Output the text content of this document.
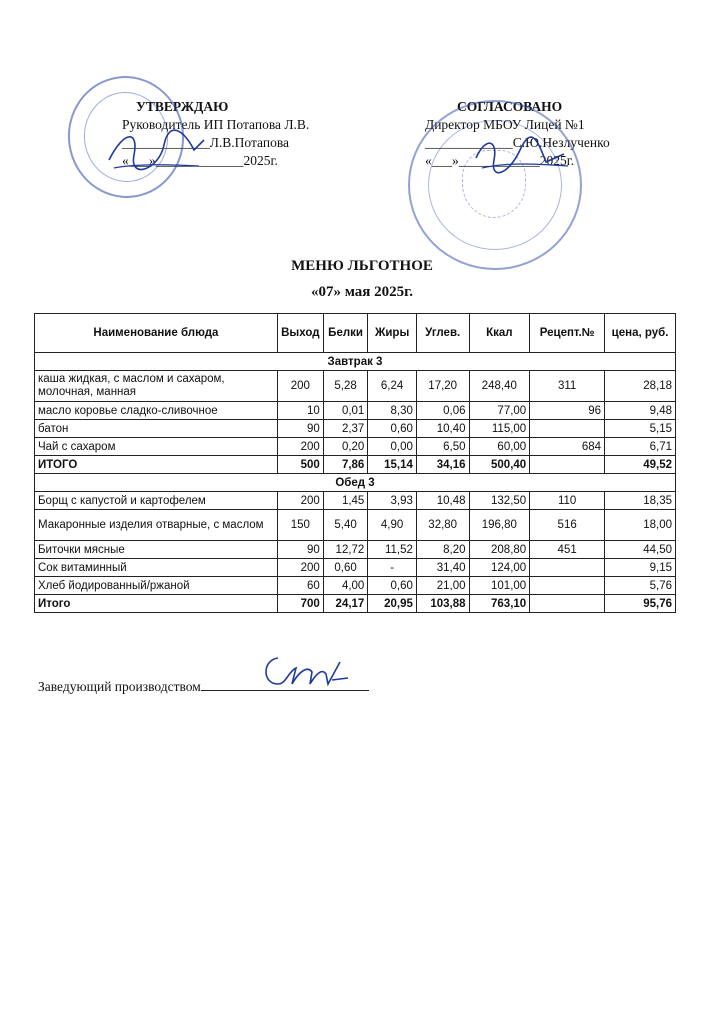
УТВЕРЖДАЮ
Руководитель ИП Потапова Л.В.
_____________Л.В.Потапова
«___»_____________2025г.
СОГЛАСОВАНО
Директор МБОУ Лицей №1
_____________С.Ю.Незлученко
«___»____________2025г.
МЕНЮ ЛЬГОТНОЕ
«07» мая 2025г.
Наименование блюда	Выход	Белки	Жиры	Углев.	Ккал	Рецепт.№	цена, руб.
Завтрак 3							
каша жидкая, с маслом и сахаром, молочная, манная	200	5,28	6,24	17,20	248,40	311	28,18
масло коровье сладко-сливочное	10	0,01	8,30	0,06	77,00	96	9,48
батон	90	2,37	0,60	10,40	115,00		5,15
Чай с сахаром	200	0,20	0,00	6,50	60,00	684	6,71
ИТОГО	500	7,86	15,14	34,16	500,40		49,52
Обед 3							
Борщ с капустой и картофелем	200	1,45	3,93	10,48	132,50	110	18,35
Макаронные изделия отварные, с маслом	150	5,40	4,90	32,80	196,80	516	18,00
Биточки мясные	90	12,72	11,52	8,20	208,80	451	44,50
Сок витаминный	200	0,60	-	31,40	124,00		9,15
Хлеб йодированный/ржаной	60	4,00	0,60	21,00	101,00		5,76
Итого	700	24,17	20,95	103,88	763,10		95,76
Заведующий производством
